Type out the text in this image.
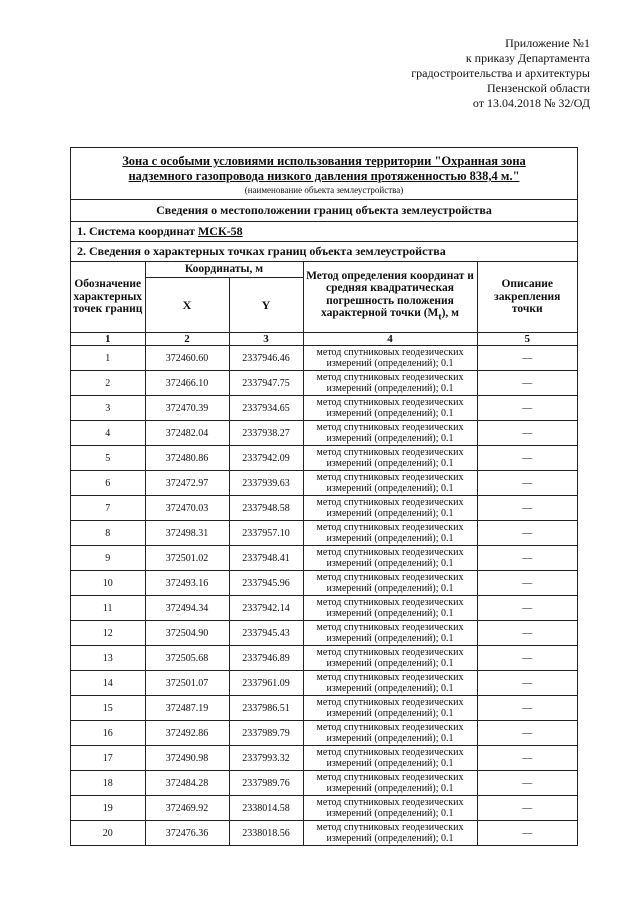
Приложение №1
к приказу Департамента
градостроительства и архитектуры
Пензенской области
от 13.04.2018 № 32/ОД
Зона с особыми условиями использования территории "Охранная зона
надземного газопровода низкого давления протяженностью 838,4 м."
(наименование объекта землеустройства)
Сведения о местоположении границ объекта землеустройства
1. Система координат МСК-58
2. Сведения о характерных точках границ объекта землеустройства
Обозначение характерных точек границ	Координаты, м		Метод определения координат и средняя квадратическая погрешность положения характерной точки $(M_t)$, м	Описание закрепления точки
	X	Y		
1	2	3	4	5
1	372460.60	2337946.46	метод спутниковых геодезических
измерений (определений); 0.1	—
2	372466.10	2337947.75	метод спутниковых геодезических
измерений (определений); 0.1	—
3	372470.39	2337934.65	метод спутниковых геодезических
измерений (определений); 0.1	—
4	372482.04	2337938.27	метод спутниковых геодезических
измерений (определений); 0.1	—
5	372480.86	2337942.09	метод спутниковых геодезических
измерений (определений); 0.1	—
6	372472.97	2337939.63	метод спутниковых геодезических
измерений (определений); 0.1	—
7	372470.03	2337948.58	метод спутниковых геодезических
измерений (определений); 0.1	—
8	372498.31	2337957.10	метод спутниковых геодезических
измерений (определений); 0.1	—
9	372501.02	2337948.41	метод спутниковых геодезических
измерений (определений); 0.1	—
10	372493.16	2337945.96	метод спутниковых геодезических
измерений (определений); 0.1	—
11	372494.34	2337942.14	метод спутниковых геодезических
измерений (определений); 0.1	—
12	372504.90	2337945.43	метод спутниковых геодезических
измерений (определений); 0.1	—
13	372505.68	2337946.89	метод спутниковых геодезических
измерений (определений); 0.1	—
14	372501.07	2337961.09	метод спутниковых геодезических
измерений (определений); 0.1	—
15	372487.19	2337986.51	метод спутниковых геодезических
измерений (определений); 0.1	—
16	372492.86	2337989.79	метод спутниковых геодезических
измерений (определений); 0.1	—
17	372490.98	2337993.32	метод спутниковых геодезических
измерений (определений); 0.1	—
18	372484.28	2337989.76	метод спутниковых геодезических
измерений (определений); 0.1	—
19	372469.92	2338014.58	метод спутниковых геодезических
измерений (определений); 0.1	—
20	372476.36	2338018.56	метод спутниковых геодезических
измерений (определений); 0.1	—
